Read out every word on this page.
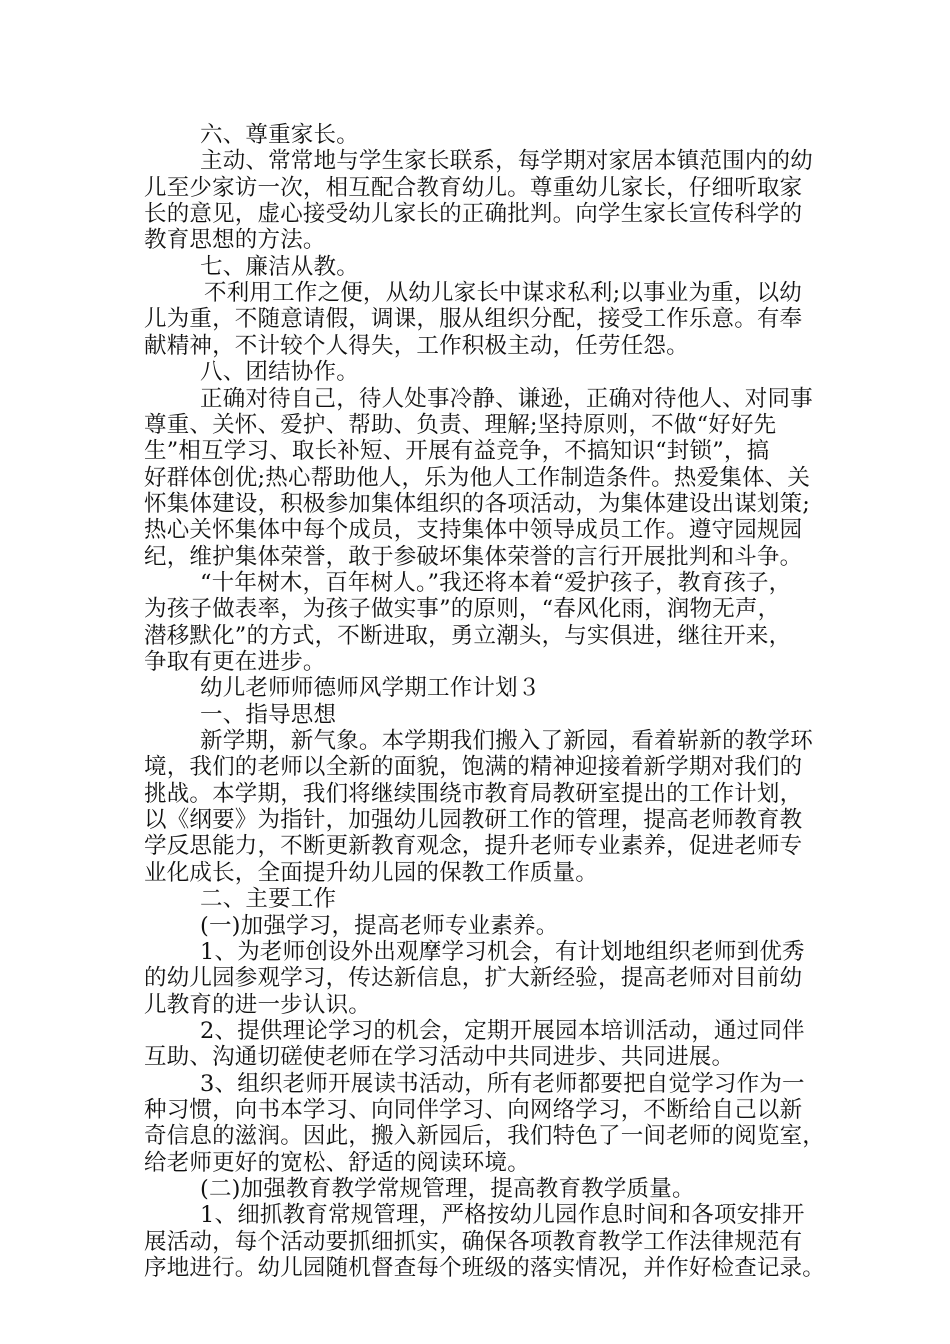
六、尊重家长。
主动、常常地与学生家长联系，每学期对家居本镇范围内的幼
儿至少家访一次，相互配合教育幼儿。尊重幼儿家长，仔细听取家
长的意见，虚心接受幼儿家长的正确批判。向学生家长宣传科学的
教育思想的方法。
七、廉洁从教。
不利用工作之便，从幼儿家长中谋求私利;以事业为重，以幼
儿为重，不随意请假，调课，服从组织分配，接受工作乐意。有奉
献精神，不计较个人得失，工作积极主动，任劳任怨。
八、团结协作。
正确对待自己，待人处事冷静、谦逊，正确对待他人、对同事
尊重、关怀、爱护、帮助、负责、理解;坚持原则，不做“好好先
生”相互学习、取长补短、开展有益竞争，不搞知识“封锁”，搞
好群体创优;热心帮助他人，乐为他人工作制造条件。热爱集体、关
怀集体建设，积极参加集体组织的各项活动，为集体建设出谋划策;
热心关怀集体中每个成员，支持集体中领导成员工作。遵守园规园
纪，维护集体荣誉，敢于参破坏集体荣誉的言行开展批判和斗争。
“十年树木，百年树人。”我还将本着“爱护孩子，教育孩子，
为孩子做表率，为孩子做实事”的原则，“春风化雨，润物无声，
潜移默化”的方式，不断进取，勇立潮头，与实俱进，继往开来，
争取有更在进步。
幼儿老师师德师风学期工作计划３
一、指导思想
新学期，新气象。本学期我们搬入了新园，看着崭新的教学环
境，我们的老师以全新的面貌，饱满的精神迎接着新学期对我们的
挑战。本学期，我们将继续围绕市教育局教研室提出的工作计划，
以《纲要》为指针，加强幼儿园教研工作的管理，提高老师教育教
学反思能力，不断更新教育观念，提升老师专业素养，促进老师专
业化成长，全面提升幼儿园的保教工作质量。
二、主要工作
(一)加强学习，提高老师专业素养。
1、为老师创设外出观摩学习机会，有计划地组织老师到优秀
的幼儿园参观学习，传达新信息，扩大新经验，提高老师对目前幼
儿教育的进一步认识。
2、提供理论学习的机会，定期开展园本培训活动，通过同伴
互助、沟通切磋使老师在学习活动中共同进步、共同进展。
3、组织老师开展读书活动，所有老师都要把自觉学习作为一
种习惯，向书本学习、向同伴学习、向网络学习，不断给自己以新
奇信息的滋润。因此，搬入新园后，我们特色了一间老师的阅览室，
给老师更好的宽松、舒适的阅读环境。
(二)加强教育教学常规管理，提高教育教学质量。
1、细抓教育常规管理，严格按幼儿园作息时间和各项安排开
展活动，每个活动要抓细抓实，确保各项教育教学工作法律规范有
序地进行。幼儿园随机督查每个班级的落实情况，并作好检查记录。
